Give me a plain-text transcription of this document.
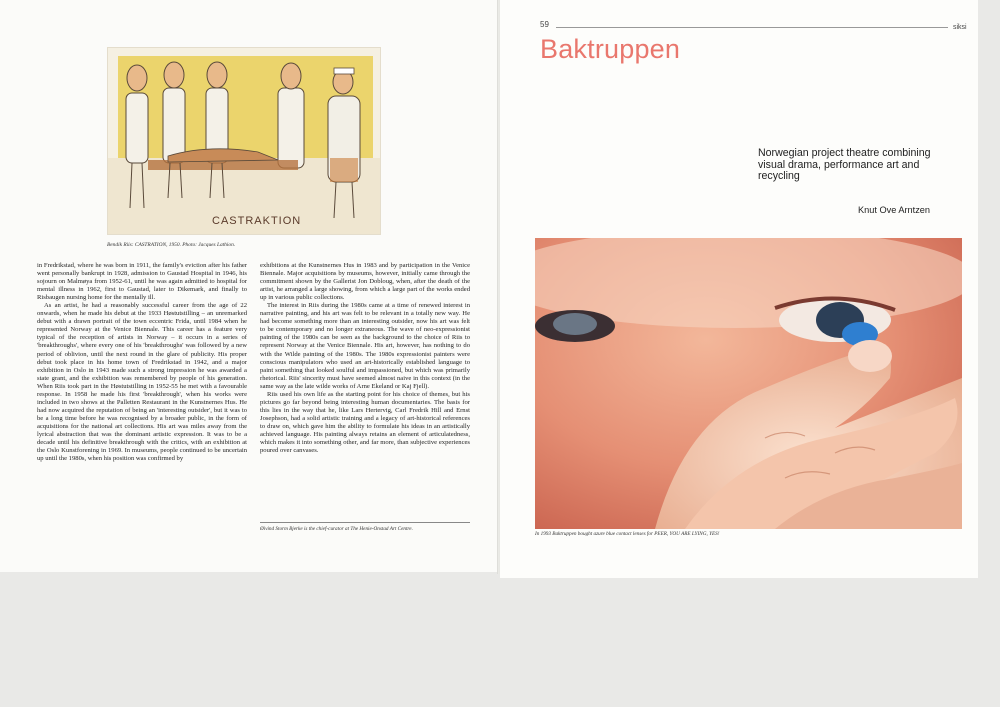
CASTRAKTION
Bendik Riis: CASTRATION, 1950. Photo: Jacques Lathion.

in Fredrikstad, where he was born in 1911, the family's eviction after his father went personally bankrupt in 1928, admission to Gaustad Hospital in 1946, his sojourn on Malmøya from 1952-61, until he was again admitted to hospital for mental illness in 1962, first to Gaustad, later to Dikemark, and finally to Risbaugen nursing home for the mentally ill.

As an artist, he had a reasonably successful career from the age of 22 onwards, when he made his debut at the 1933 Høstutstilling – an unremarked debut with a drawn portrait of the town eccentric Frida, until 1984 when he represented Norway at the Venice Biennale. This career has a feature very typical of the reception of artists in Norway – it occurs in a series of 'breakthroughs', where every one of his 'breakthroughs' was followed by a new period of oblivion, until the next round in the glare of publicity. His proper debut took place in his home town of Fredrikstad in 1942, and a major exhibition in Oslo in 1943 made such a strong impression he was awarded a state grant, and the exhibition was remembered by people of his generation. When Riis took part in the Høstutstilling in 1952-55 he met with a favourable response. In 1958 he made his first 'breakthrough', when his works were included in two shows at the Palletten Restaurant in the Kunstnernes Hus. He had now acquired the reputation of being an 'interesting outsider', but it was to be a long time before he was recognised by a broader public, in the form of acquisitions for the national art collections. His art was miles away from the lyrical abstraction that was the dominant artistic expression. It was to be a decade until his definitive breakthrough with the critics, with an exhibition at the Oslo Kunstforening in 1969. In museums, people continued to be uncertain up until the 1980s, when his position was confirmed by

exhibitions at the Kunstnernes Hus in 1983 and by participation in the Venice Biennale. Major acquisitions by museums, however, initially came through the commitment shown by the Gallerist Jon Dobloug, when, after the death of the artist, he arranged a large showing, from which a large part of the works ended up in various public collections.

The interest in Riis during the 1980s came at a time of renewed interest in narrative painting, and his art was felt to be relevant in a totally new way. He had become something more than an interesting outsider, now his art was felt to be contemporary and no longer extraneous. The wave of neo-expressionist painting of the 1980s can be seen as the background to the choice of Riis to represent Norway at the Venice Biennale. His art, however, has nothing to do with the Wilde painting of the 1980s. The 1980s expressionist painters were conscious manipulators who used an art-historically established language to paint something that looked soulful and impassioned, but which was primarily rhetorical. Riis' sincerity must have seemed almost naive in this context (in the same way as the late wilde works of Arne Ekeland or Kaj Fjell).

Riis used his own life as the starting point for his choice of themes, but his pictures go far beyond being interesting human documentaries. The basis for this lies in the way that he, like Lars Hertervig, Carl Fredrik Hill and Ernst Josephson, had a solid artistic training and a legacy of art-historical references to draw on, which gave him the ability to formulate his ideas in an artistically achieved language. His painting always retains an element of articulatedness, which makes it into something other, and far more, than subjective experiences poured over canvases.

Øivind Storm Bjerke is the chief-curator at The Henie-Onstad Art Centre.
59	siksi
Baktruppen
Norwegian project theatre combining visual drama, performance art and recycling
Knut Ove Arntzen
In 1993 Baktruppen bought azure blue contact lenses for PEER, YOU ARE LYING, YES!
